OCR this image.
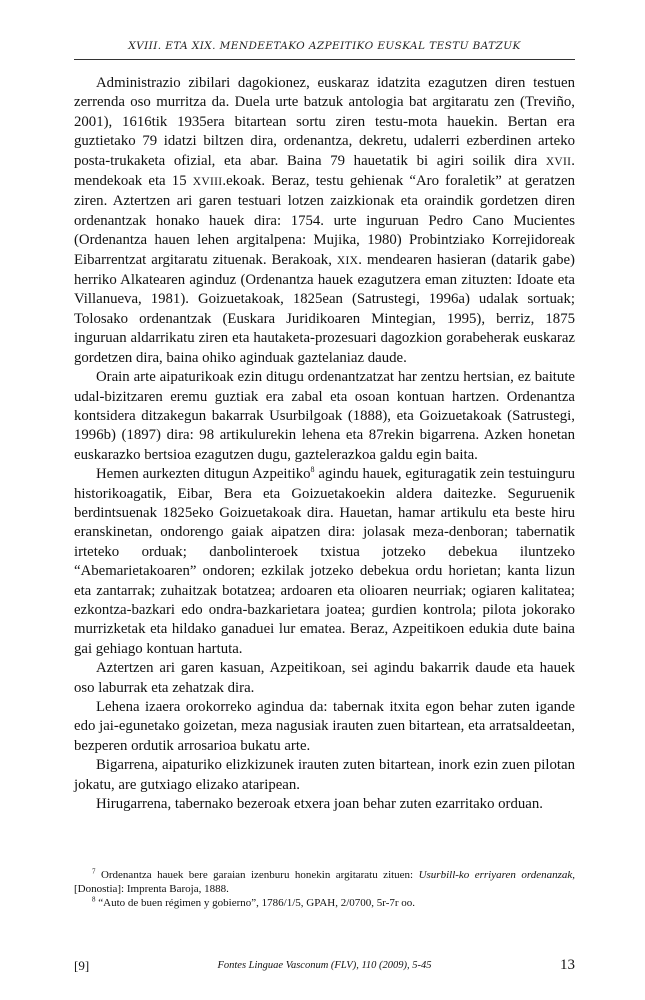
XVIII. ETA XIX. MENDEETAKO AZPEITIKO EUSKAL TESTU BATZUK

Administrazio zibilari dagokionez, euskaraz idatzita ezagutzen diren testuen zerrenda oso murritza da. Duela urte batzuk antologia bat argitaratu zen (Treviño, 2001), 1616tik 1935era bitartean sortu ziren testu-mota hauekin. Bertan era guztietako 79 idatzi biltzen dira, ordenantza, dekretu, udalerri ezberdinen arteko posta-trukaketa ofizial, eta abar. Baina 79 hauetatik bi agiri soilik dira XVII. mendekoak eta 15 XVIII.ekoak. Beraz, testu gehienak “Aro foraletik” at geratzen ziren. Aztertzen ari garen testuari lotzen zaizkionak eta oraindik gordetzen diren ordenantzak honako hauek dira: 1754. urte inguruan Pedro Cano Mucientes (Ordenantza hauen lehen argitalpena: Mujika, 1980) Probintziako Korrejidoreak Eibarrentzat argitaratu zituenak. Berakoak, XIX. mendearen hasieran (datarik gabe) herriko Alkatearen aginduz (Ordenantza hauek ezagutzera eman zituzten: Idoate eta Villanueva, 1981). Goizuetakoak, 1825ean (Satrustegi, 1996a) udalak sortuak; Tolosako ordenantzak (Euskara Juridikoaren Mintegian, 1995), berriz, 1875 inguruan aldarrikatu ziren eta hautaketa-prozesuari dagozkion gorabeherak euskaraz gordetzen dira, baina ohiko aginduak gaztelaniaz daude.

Orain arte aipaturikoak ezin ditugu ordenantzatzat har zentzu hertsian, ez baitute udal-bizitzaren eremu guztiak era zabal eta osoan kontuan hartzen. Ordenantza kontsidera ditzakegun bakarrak Usurbilgoak (1888), eta Goizuetakoak (Satrustegi, 1996b) (1897) dira: 98 artikulurekin lehena eta 87rekin bigarrena. Azken honetan euskarazko bertsioa ezagutzen dugu, gaztelerazkoa galdu egin baita.

Hemen aurkezten ditugun Azpeitiko$^8$ agindu hauek, egituragatik zein testuinguru historikoagatik, Eibar, Bera eta Goizuetakoekin aldera daitezke. Seguruenik berdintsuenak 1825eko Goizuetakoak dira. Hauetan, hamar artikulu eta beste hiru eranskinetan, ondorengo gaiak aipatzen dira: jolasak meza-denboran; tabernatik irteteko orduak; danbolinteroek txistua jotzeko debekua iluntzeko “Abemarietakoaren” ondoren; ezkilak jotzeko debekua ordu horietan; kanta lizun eta zantarrak; zuhaitzak botatzea; ardoaren eta olioaren neurriak; ogiaren kalitatea; ezkontza-bazkari edo ondra-bazkarietara joatea; gurdien kontrola; pilota jokorako murrizketak eta hildako ganaduei lur ematea. Beraz, Azpeitikoen edukia dute baina gai gehiago kontuan hartuta.

Aztertzen ari garen kasuan, Azpeitikoan, sei agindu bakarrik daude eta hauek oso laburrak eta zehatzak dira.

Lehena izaera orokorreko agindua da: tabernak itxita egon behar zuten igande edo jai-egunetako goizetan, meza nagusiak irauten zuen bitartean, eta arratsaldeetan, bezperen ordutik arrosarioa bukatu arte.

Bigarrena, aipaturiko elizkizunek irauten zuten bitartean, inork ezin zuen pilotan jokatu, are gutxiago elizako ataripean.

Hirugarrena, tabernako bezeroak etxera joan behar zuten ezarritako orduan.

$^7$ Ordenantza hauek bere garaian izenburu honekin argitaratu zituen: Usurbill-ko erriyaren ordenanzak, [Donostia]: Imprenta Baroja, 1888.

$^8$ “Auto de buen régimen y gobierno”, 1786/1/5, GPAH, 2/0700, 5r-7r oo.

[9]	Fontes Linguae Vasconum (FLV), 110 (2009), 5-45	13
